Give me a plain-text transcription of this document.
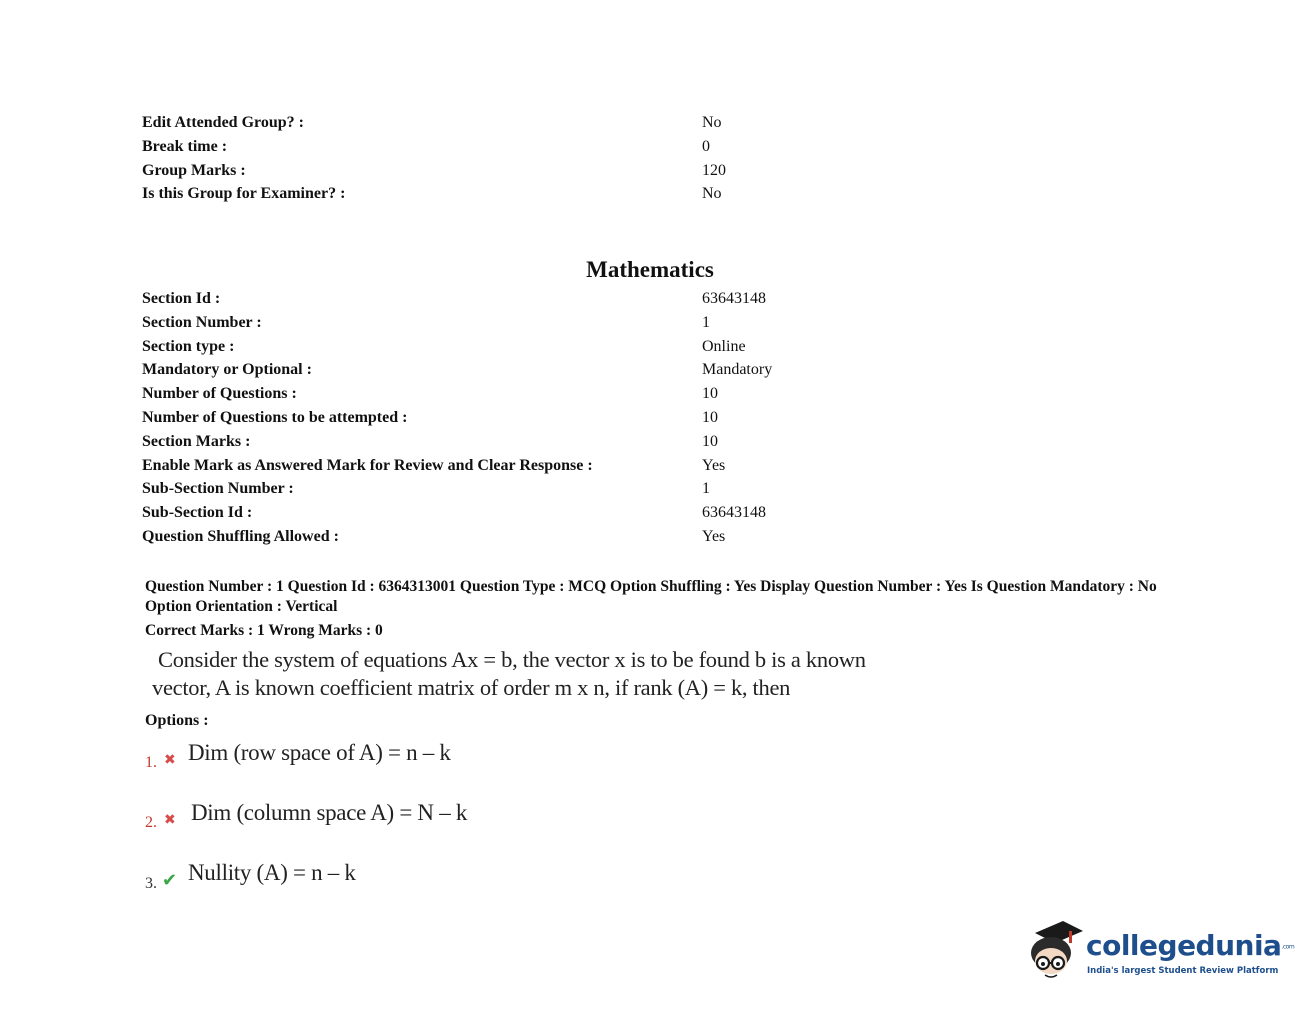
Edit Attended Group? :	No
Break time :	0
Group Marks :	120
Is this Group for Examiner? :	No
Mathematics
Section Id :	63643148
Section Number :	1
Section type :	Online
Mandatory or Optional :	Mandatory
Number of Questions :	10
Number of Questions to be attempted :	10
Section Marks :	10
Enable Mark as Answered Mark for Review and Clear Response :	Yes
Sub-Section Number :	1
Sub-Section Id :	63643148
Question Shuffling Allowed :	Yes
Question Number : 1 Question Id : 6364313001 Question Type : MCQ Option Shuffling : Yes Display Question Number : Yes Is Question Mandatory : No Option Orientation : Vertical
Correct Marks : 1 Wrong Marks : 0
Consider the system of equations Ax = b, the vector x is to be found b is a known
vector, A is known coefficient matrix of order m x n, if rank (A) = k, then
Options :
1. ✖ Dim (row space of A) = n – k
2. ✖ Dim (column space A) = N – k
3. ✔ Nullity (A) = n – k
collegedunia.com
India's largest Student Review Platform
